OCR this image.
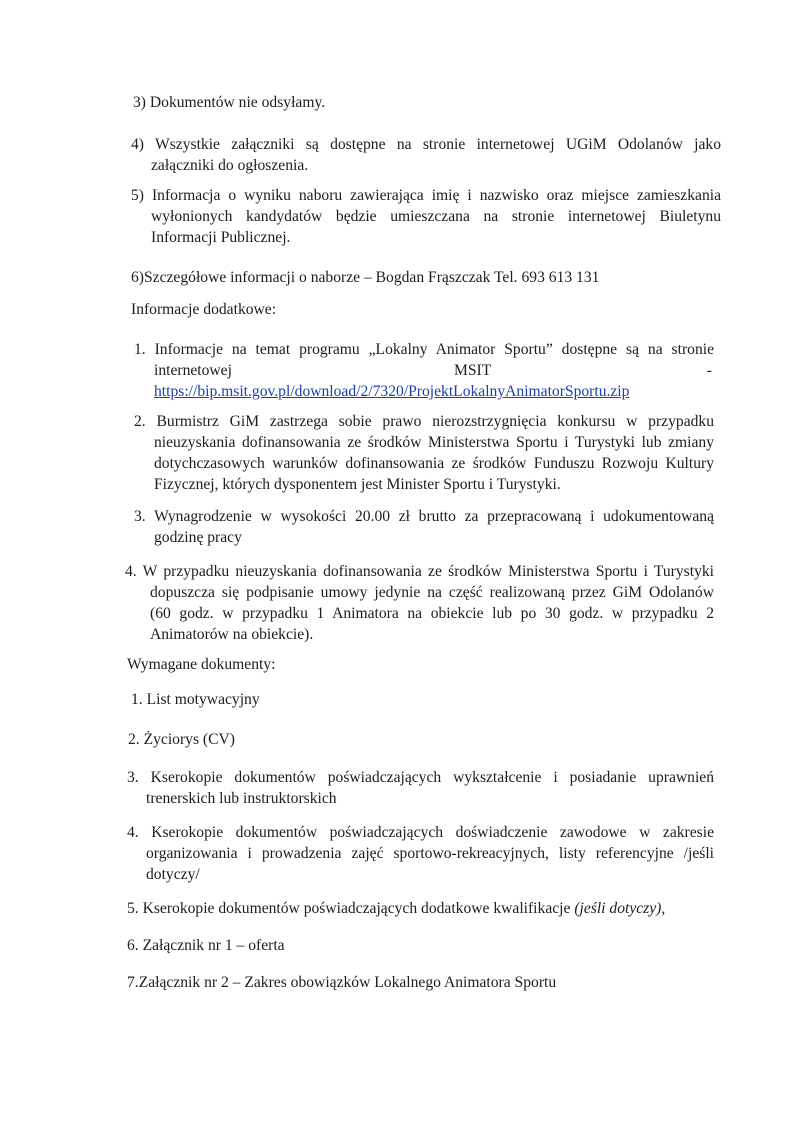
3) Dokumentów nie odsyłamy.
4) Wszystkie załączniki są dostępne na stronie internetowej UGiM Odolanów jako
załączniki do ogłoszenia.
5) Informacja o wyniku naboru zawierająca imię i nazwisko oraz miejsce zamieszkania
wyłonionych kandydatów będzie umieszczana na stronie internetowej Biuletynu
Informacji Publicznej.
6)Szczegółowe informacji o naborze – Bogdan Frąszczak Tel. 693 613 131
Informacje dodatkowe:
1. Informacje na temat programu „Lokalny Animator Sportu” dostępne są na stronie
internetowej	MSIT	-
https://bip.msit.gov.pl/download/2/7320/ProjektLokalnyAnimatorSportu.zip
2. Burmistrz GiM zastrzega sobie prawo nierozstrzygnięcia konkursu w przypadku
nieuzyskania dofinansowania ze środków Ministerstwa Sportu i Turystyki lub zmiany
dotychczasowych warunków dofinansowania ze środków Funduszu Rozwoju Kultury
Fizycznej, których dysponentem jest Minister Sportu i Turystyki.
3. Wynagrodzenie w wysokości 20.00 zł brutto za przepracowaną i udokumentowaną
godzinę pracy
4. W przypadku nieuzyskania dofinansowania ze środków Ministerstwa Sportu i Turystyki
dopuszcza się podpisanie umowy jedynie na część realizowaną przez GiM Odolanów
(60 godz. w przypadku 1 Animatora na obiekcie lub po 30 godz. w przypadku 2
Animatorów na obiekcie).
Wymagane dokumenty:
1. List motywacyjny
2. Życiorys (CV)
3. Kserokopie dokumentów poświadczających wykształcenie i posiadanie uprawnień
trenerskich lub instruktorskich
4. Kserokopie dokumentów poświadczających doświadczenie zawodowe w zakresie
organizowania i prowadzenia zajęć sportowo-rekreacyjnych, listy referencyjne /jeśli
dotyczy/
5. Kserokopie dokumentów poświadczających dodatkowe kwalifikacje (jeśli dotyczy),
6. Załącznik nr 1 – oferta
7.Załącznik nr 2 – Zakres obowiązków Lokalnego Animatora Sportu
